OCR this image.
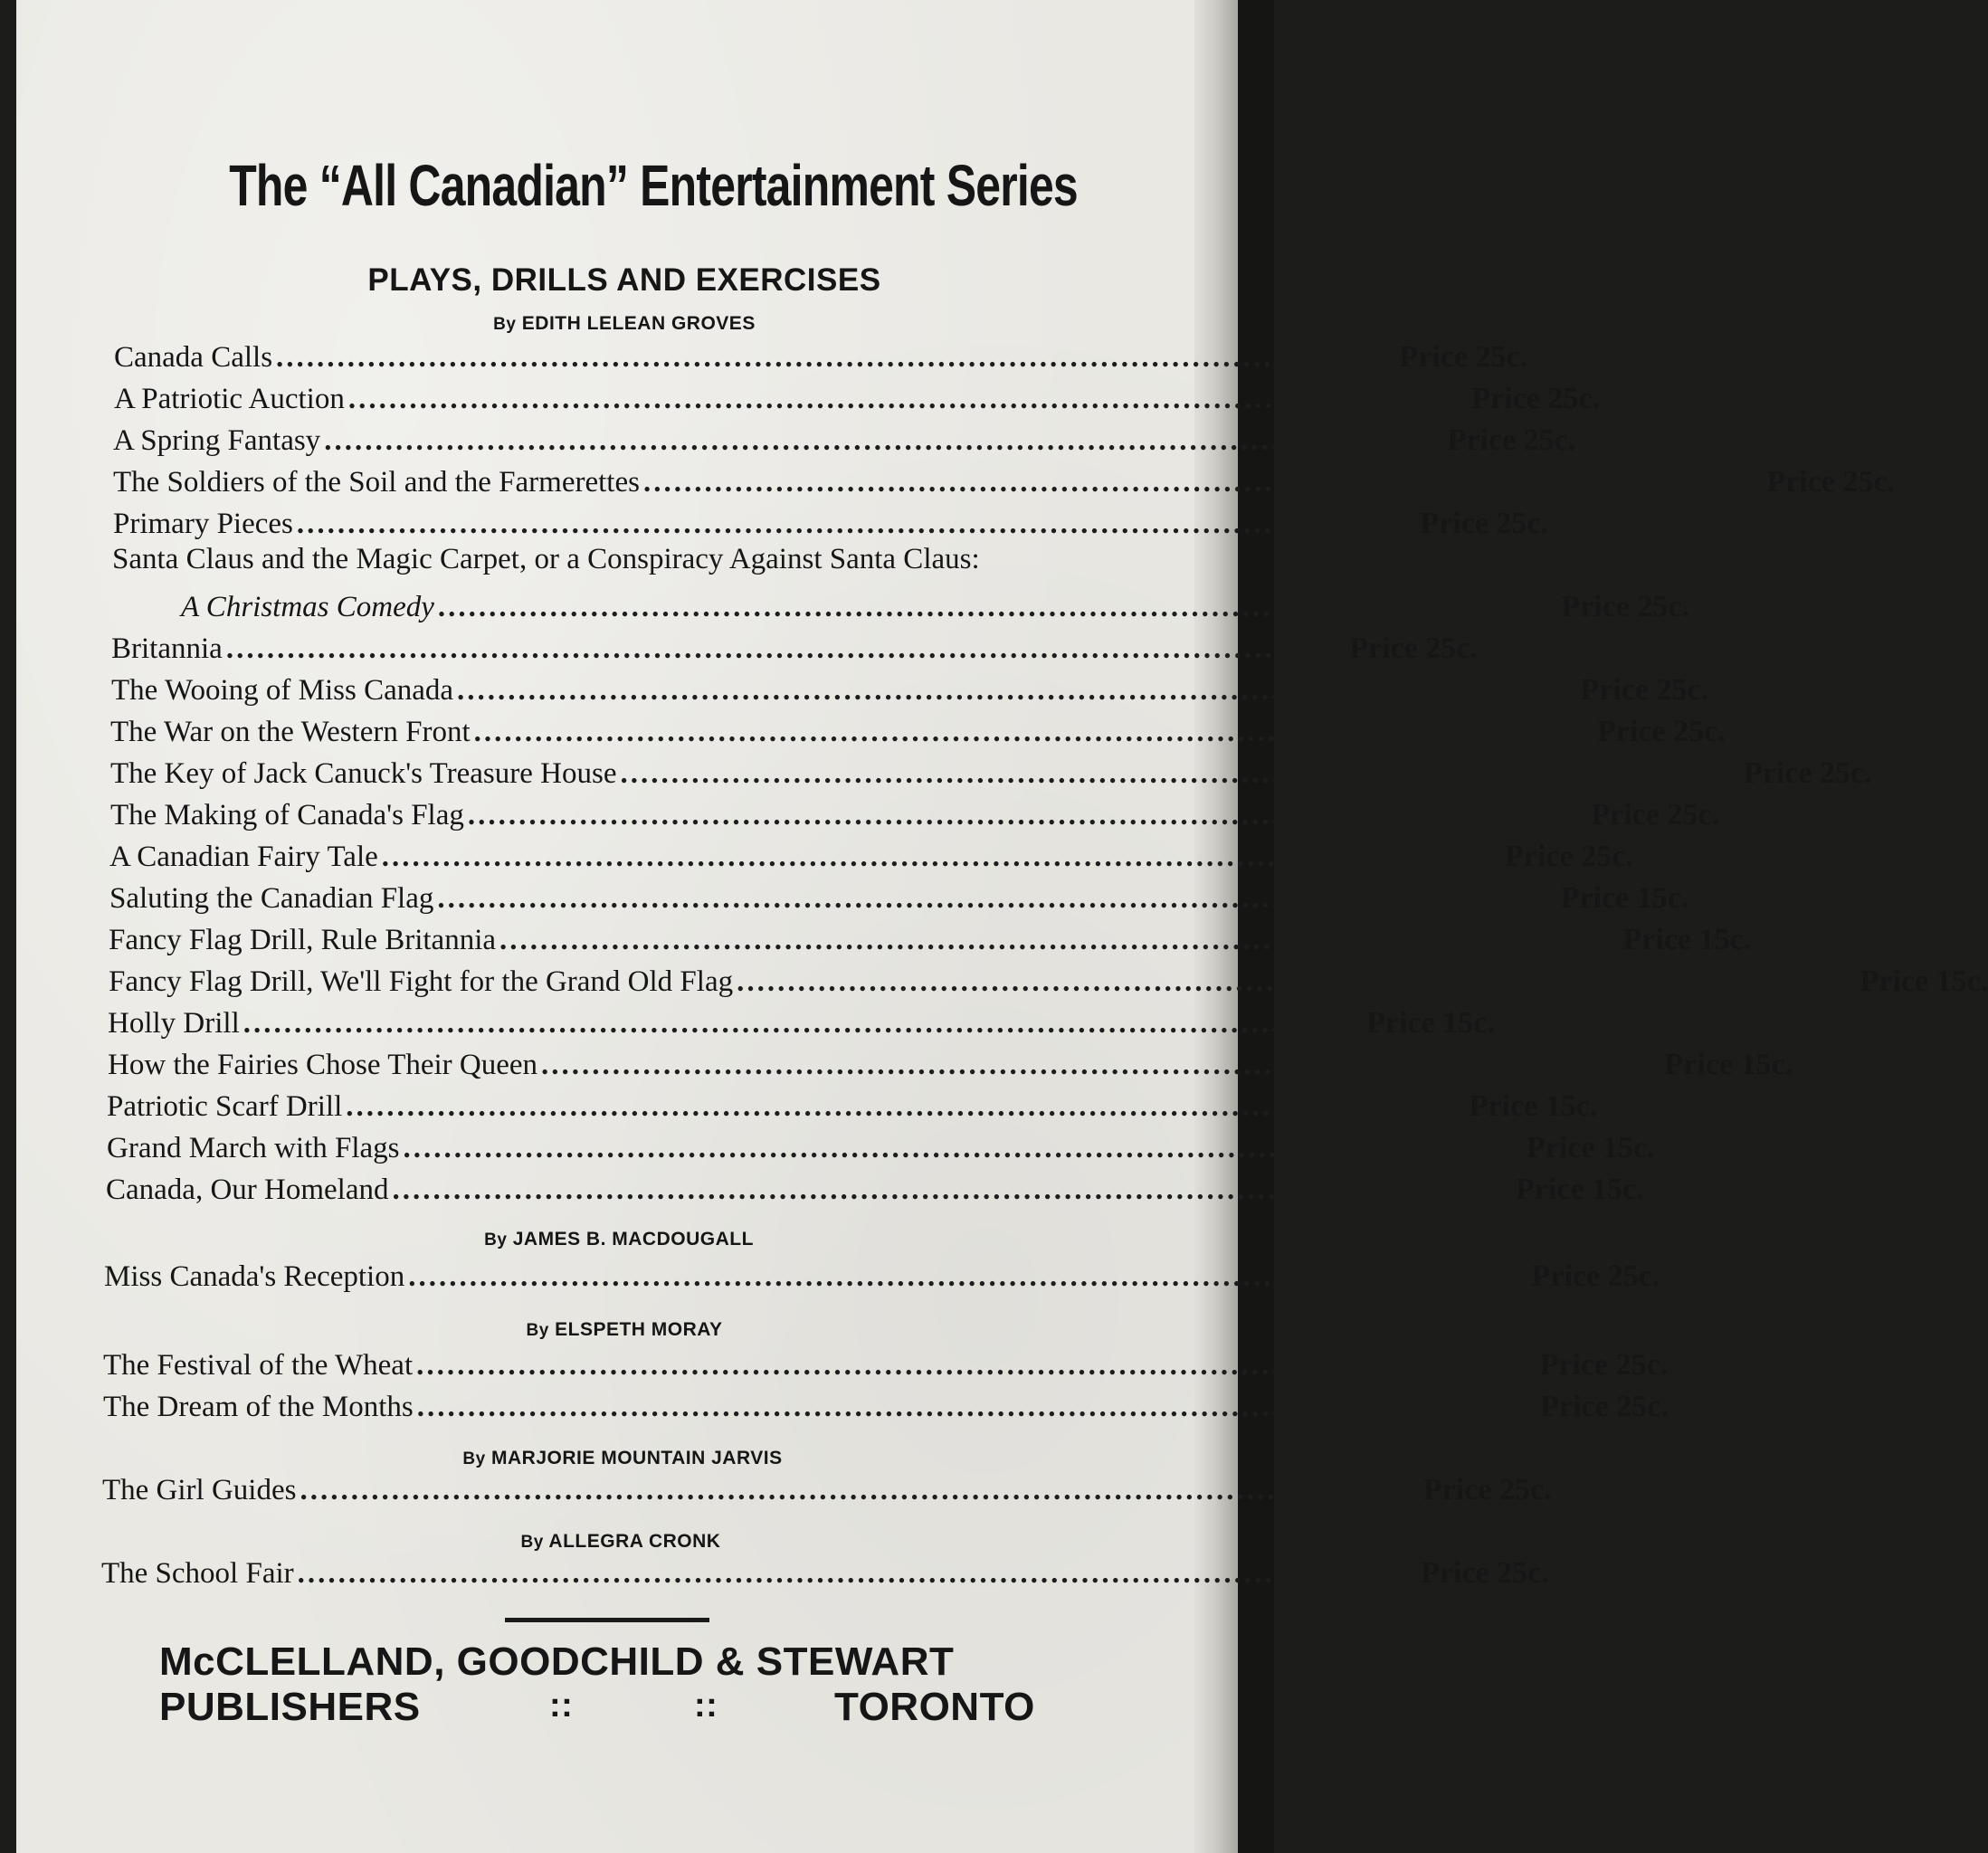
The “All Canadian” Entertainment Series
PLAYS, DRILLS AND EXERCISES
By EDITH LELEAN GROVES
Canada Calls .............................................................................................................. Price 25c.
A Patriotic Auction .............................................................................................................. Price 25c.
A Spring Fantasy .............................................................................................................. Price 25c.
The Soldiers of the Soil and the Farmerettes .............................................................................................................. Price 25c.
Primary Pieces .............................................................................................................. Price 25c.
Santa Claus and the Magic Carpet, or a Conspiracy Against Santa Claus:
A Christmas Comedy .............................................................................................................. Price 25c.
Britannia .............................................................................................................. Price 25c.
The Wooing of Miss Canada .............................................................................................................. Price 25c.
The War on the Western Front .............................................................................................................. Price 25c.
The Key of Jack Canuck's Treasure House .............................................................................................................. Price 25c.
The Making of Canada's Flag .............................................................................................................. Price 25c.
A Canadian Fairy Tale .............................................................................................................. Price 25c.
Saluting the Canadian Flag .............................................................................................................. Price 15c.
Fancy Flag Drill, Rule Britannia .............................................................................................................. Price 15c.
Fancy Flag Drill, We'll Fight for the Grand Old Flag .............................................................................................................. Price 15c.
Holly Drill .............................................................................................................. Price 15c.
How the Fairies Chose Their Queen .............................................................................................................. Price 15c.
Patriotic Scarf Drill .............................................................................................................. Price 15c.
Grand March with Flags .............................................................................................................. Price 15c.
Canada, Our Homeland .............................................................................................................. Price 15c.
By JAMES B. MACDOUGALL
Miss Canada's Reception .............................................................................................................. Price 25c.
By ELSPETH MORAY
The Festival of the Wheat .............................................................................................................. Price 25c.
The Dream of the Months .............................................................................................................. Price 25c.
By MARJORIE MOUNTAIN JARVIS
The Girl Guides .............................................................................................................. Price 25c.
By ALLEGRA CRONK
The School Fair .............................................................................................................. Price 25c.
McCLELLAND, GOODCHILD & STEWART
PUBLISHERS	::	::	TORONTO
